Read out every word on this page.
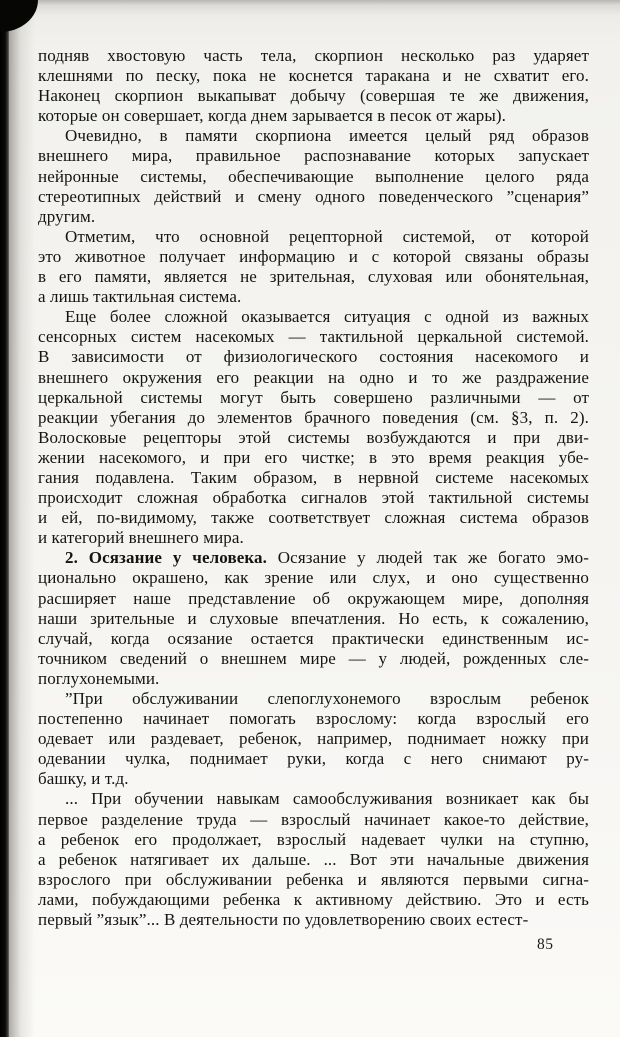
подняв хвостовую часть тела, скорпион несколько раз ударяет
клешнями по песку, пока не коснется таракана и не схватит его.
Наконец скорпион выкапыват добычу (совершая те же движения,
которые он совершает, когда днем зарывается в песок от жары).
Очевидно, в памяти скорпиона имеется целый ряд образов
внешнего мира, правильное распознавание которых запускает
нейронные системы, обеспечивающие выполнение целого ряда
стереотипных действий и смену одного поведенческого ”сценария”
другим.
Отметим, что основной рецепторной системой, от которой
это животное получает информацию и с которой связаны образы
в его памяти, является не зрительная, слуховая или обонятельная,
а лишь тактильная система.
Еще более сложной оказывается ситуация с одной из важных
сенсорных систем насекомых — тактильной церкальной системой.
В зависимости от физиологического состояния насекомого и
внешнего окружения его реакции на одно и то же раздражение
церкальной системы могут быть совершено различными — от
реакции убегания до элементов брачного поведения (см. §3, п. 2).
Волосковые рецепторы этой системы возбуждаются и при дви-
жении насекомого, и при его чистке; в это время реакция убе-
гания подавлена. Таким образом, в нервной системе насекомых
происходит сложная обработка сигналов этой тактильной системы
и ей, по-видимому, также соответствует сложная система образов
и категорий внешнего мира.
2. Осязание у человека. Осязание у людей так же богато эмо-
ционально окрашено, как зрение или слух, и оно существенно
расширяет наше представление об окружающем мире, дополняя
наши зрительные и слуховые впечатления. Но есть, к сожалению,
случай, когда осязание остается практически единственным ис-
точником сведений о внешнем мире — у людей, рожденных сле-
поглухонемыми.
”При обслуживании слепоглухонемого взрослым ребенок
постепенно начинает помогать взрослому: когда взрослый его
одевает или раздевает, ребенок, например, поднимает ножку при
одевании чулка, поднимает руки, когда с него снимают ру-
башку, и т.д.
... При обучении навыкам самообслуживания возникает как бы
первое разделение труда — взрослый начинает какое-то действие,
а ребенок его продолжает, взрослый надевает чулки на ступню,
а ребенок натягивает их дальше. ... Вот эти начальные движения
взрослого при обслуживании ребенка и являются первыми сигна-
лами, побуждающими ребенка к активному действию. Это и есть
первый ”язык”... В деятельности по удовлетворению своих естест-
85
